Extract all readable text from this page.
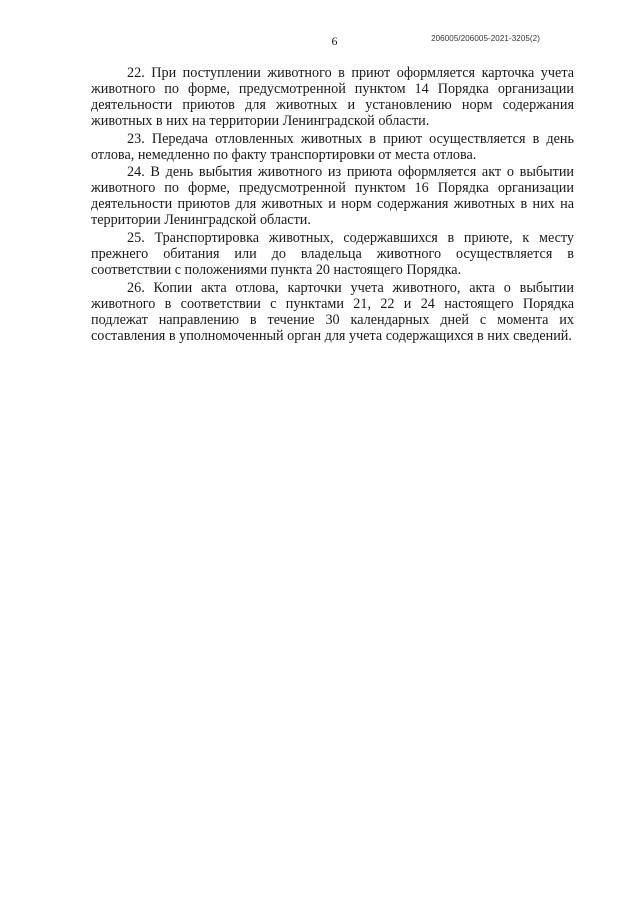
206005/206005-2021-3205(2)
6

22. При поступлении животного в приют оформляется карточка учета животного по форме, предусмотренной пунктом 14 Порядка организации деятельности приютов для животных и установлению норм содержания животных в них на территории Ленинградской области.

23. Передача отловленных животных в приют осуществляется в день отлова, немедленно по факту транспортировки от места отлова.

24. В день выбытия животного из приюта оформляется акт о выбытии животного по форме, предусмотренной пунктом 16 Порядка организации деятельности приютов для животных и норм содержания животных в них на территории Ленинградской области.

25. Транспортировка животных, содержавшихся в приюте, к месту прежнего обитания или до владельца животного осуществляется в соответствии с положениями пункта 20 настоящего Порядка.

26. Копии акта отлова, карточки учета животного, акта о выбытии животного в соответствии с пунктами 21, 22 и 24 настоящего Порядка подлежат направлению в течение 30 календарных дней с момента их составления в уполномоченный орган для учета содержащихся в них сведений.

·
